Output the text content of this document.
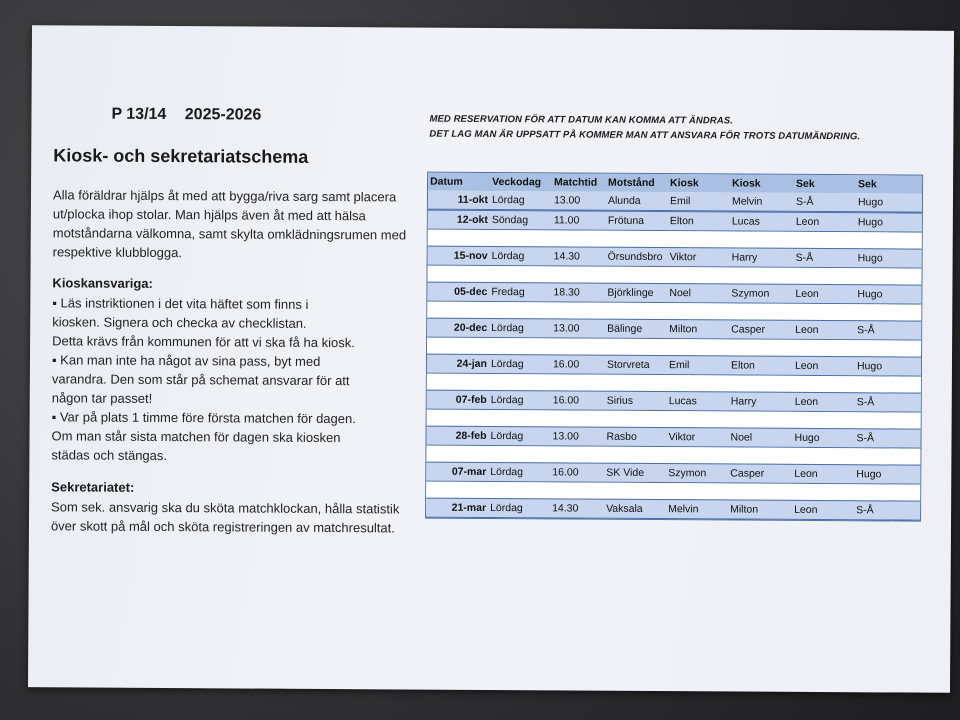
P 13/14 2025-2026
Kiosk- och sekretariatschema
Alla föräldrar hjälps åt med att bygga/riva sarg samt placera
ut/plocka ihop stolar. Man hjälps även åt med att hälsa
motståndarna välkomna, samt skylta omklädningsrumen med
respektive klubblogga.
Kioskansvariga:
▪ Läs instriktionen i det vita häftet som finns i
kiosken. Signera och checka av checklistan.
Detta krävs från kommunen för att vi ska få ha kiosk.
▪ Kan man inte ha något av sina pass, byt med
varandra. Den som står på schemat ansvarar för att
någon tar passet!
▪ Var på plats 1 timme före första matchen för dagen.
Om man står sista matchen för dagen ska kiosken
städas och stängas.
Sekretariatet:
Som sek. ansvarig ska du sköta matchklockan, hålla statistik
över skott på mål och sköta registreringen av matchresultat.
MED RESERVATION FÖR ATT DATUM KAN KOMMA ATT ÄNDRAS.
DET LAG MAN ÄR UPPSATT PÅ KOMMER MAN ATT ANSVARA FÖR TROTS DATUMÄNDRING.
Datum	Veckodag Matchtid Motstånd Kiosk	Kiosk	Sek	Sek
11-okt Lördag	13.00	Alunda	Emil	Melvin	S-Å	Hugo
12-okt Söndag 11.00	Frötuna Elton	Lucas	Leon	Hugo
15-nov Lördag	14.30	Örsundsbro Viktor	Harry	S-Å	Hugo
05-dec Fredag	18.30	Björklinge Noel	Szymon Leon	Hugo
20-dec Lördag	13.00	Bälinge	Milton	Casper	Leon	S-Å
24-jan Lördag	16.00	Storvreta Emil	Elton	Leon	Hugo
07-feb Lördag	16.00	Sirius	Lucas	Harry	Leon	S-Å
28-feb Lördag	13.00	Rasbo	Viktor	Noel	Hugo	S-Å
07-mar Lördag	16.00	SK Vide Szymon Casper	Leon	Hugo
21-mar Lördag	14.30	Vaksala Melvin	Milton	Leon	S-Å
